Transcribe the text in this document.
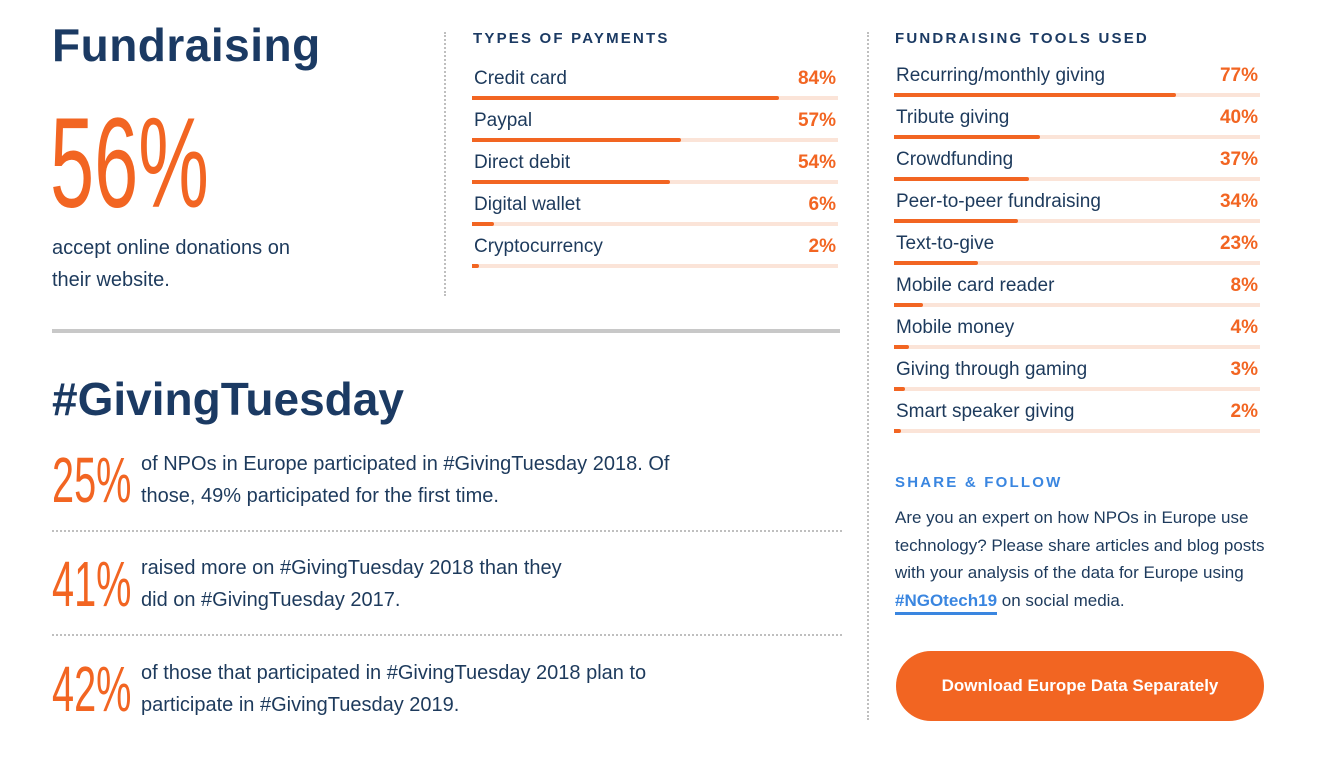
Fundraising
56%
accept online donations on their website.
TYPES OF PAYMENTS
Credit card	84%
Paypal	57%
Direct debit	54%
Digital wallet	6%
Cryptocurrency	2%
FUNDRAISING TOOLS USED
Recurring/monthly giving	77%
Tribute giving	40%
Crowdfunding	37%
Peer-to-peer fundraising	34%
Text-to-give	23%
Mobile card reader	8%
Mobile money	4%
Giving through gaming	3%
Smart speaker giving	2%
#GivingTuesday
25% of NPOs in Europe participated in #GivingTuesday 2018. Of those, 49% participated for the first time.
41% raised more on #GivingTuesday 2018 than they did on #GivingTuesday 2017.
42% of those that participated in #GivingTuesday 2018 plan to participate in #GivingTuesday 2019.
SHARE & FOLLOW
Are you an expert on how NPOs in Europe use technology? Please share articles and blog posts with your analysis of the data for Europe using #NGOtech19 on social media.
Download Europe Data Separately
